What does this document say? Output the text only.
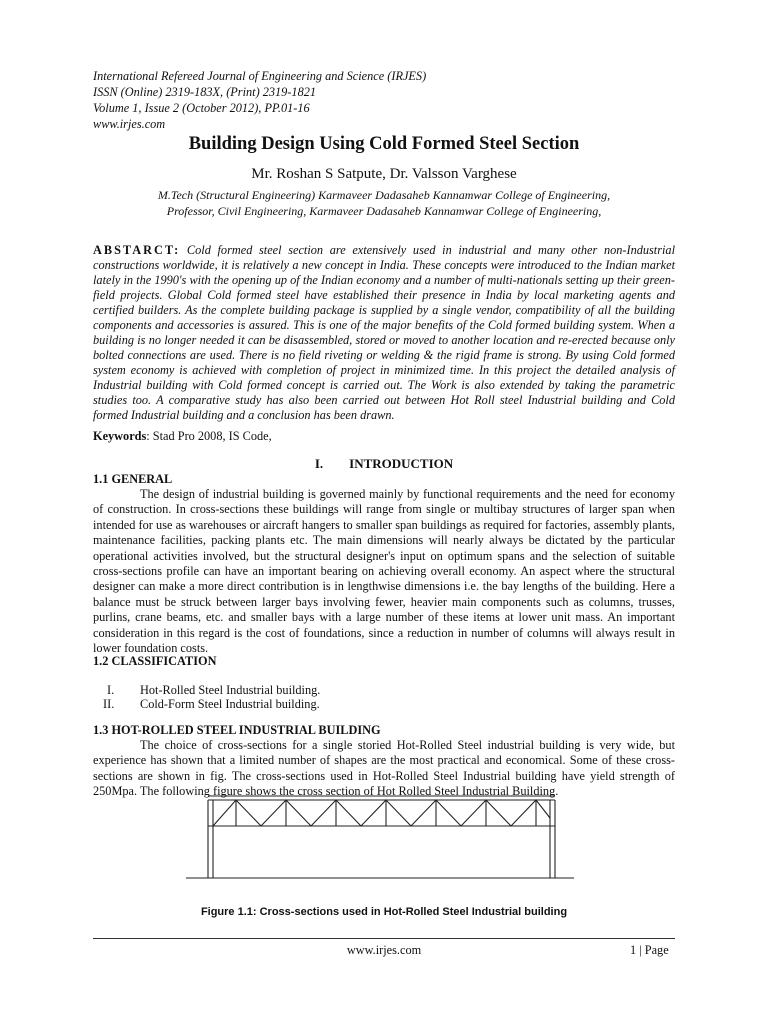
International Refereed Journal of Engineering and Science (IRJES)
ISSN (Online) 2319-183X, (Print) 2319-1821
Volume 1, Issue 2 (October 2012), PP.01-16
www.irjes.com
Building Design Using Cold Formed Steel Section
Mr. Roshan S Satpute, Dr. Valsson Varghese
M.Tech (Structural Engineering) Karmaveer Dadasaheb Kannamwar College of Engineering,
Professor, Civil Engineering, Karmaveer Dadasaheb Kannamwar College of Engineering,
ABSTARCT: Cold formed steel section are extensively used in industrial and many other non-Industrial constructions worldwide, it is relatively a new concept in India. These concepts were introduced to the Indian market lately in the 1990's with the opening up of the Indian economy and a number of multi-nationals setting up their green-field projects. Global Cold formed steel have established their presence in India by local marketing agents and certified builders. As the complete building package is supplied by a single vendor, compatibility of all the building components and accessories is assured. This is one of the major benefits of the Cold formed building system. When a building is no longer needed it can be disassembled, stored or moved to another location and re-erected because only bolted connections are used. There is no field riveting or welding & the rigid frame is strong. By using Cold formed system economy is achieved with completion of project in minimized time. In this project the detailed analysis of Industrial building with Cold formed concept is carried out. The Work is also extended by taking the parametric studies too. A comparative study has also been carried out between Hot Roll steel Industrial building and Cold formed Industrial building and a conclusion has been drawn.
Keywords: Stad Pro 2008, IS Code,
I. INTRODUCTION
1.1 GENERAL
The design of industrial building is governed mainly by functional requirements and the need for economy of construction. In cross-sections these buildings will range from single or multibay structures of larger span when intended for use as warehouses or aircraft hangers to smaller span buildings as required for factories, assembly plants, maintenance facilities, packing plants etc. The main dimensions will nearly always be dictated by the particular operational activities involved, but the structural designer's input on optimum spans and the selection of suitable cross-sections profile can have an important bearing on achieving overall economy. An aspect where the structural designer can make a more direct contribution is in lengthwise dimensions i.e. the bay lengths of the building. Here a balance must be struck between larger bays involving fewer, heavier main components such as columns, trusses, purlins, crane beams, etc. and smaller bays with a large number of these items at lower unit mass. An important consideration in this regard is the cost of foundations, since a reduction in number of columns will always result in lower foundation costs.
1.2 CLASSIFICATION
I. Hot-Rolled Steel Industrial building.
II. Cold-Form Steel Industrial building.
1.3 HOT-ROLLED STEEL INDUSTRIAL BUILDING
The choice of cross-sections for a single storied Hot-Rolled Steel industrial building is very wide, but experience has shown that a limited number of shapes are the most practical and economical. Some of these cross-sections are shown in fig. The cross-sections used in Hot-Rolled Steel Industrial building have yield strength of 250Mpa. The following figure shows the cross section of Hot Rolled Steel Industrial Building.
Figure 1.1: Cross-sections used in Hot-Rolled Steel Industrial building
www.irjes.com	1 | Page
